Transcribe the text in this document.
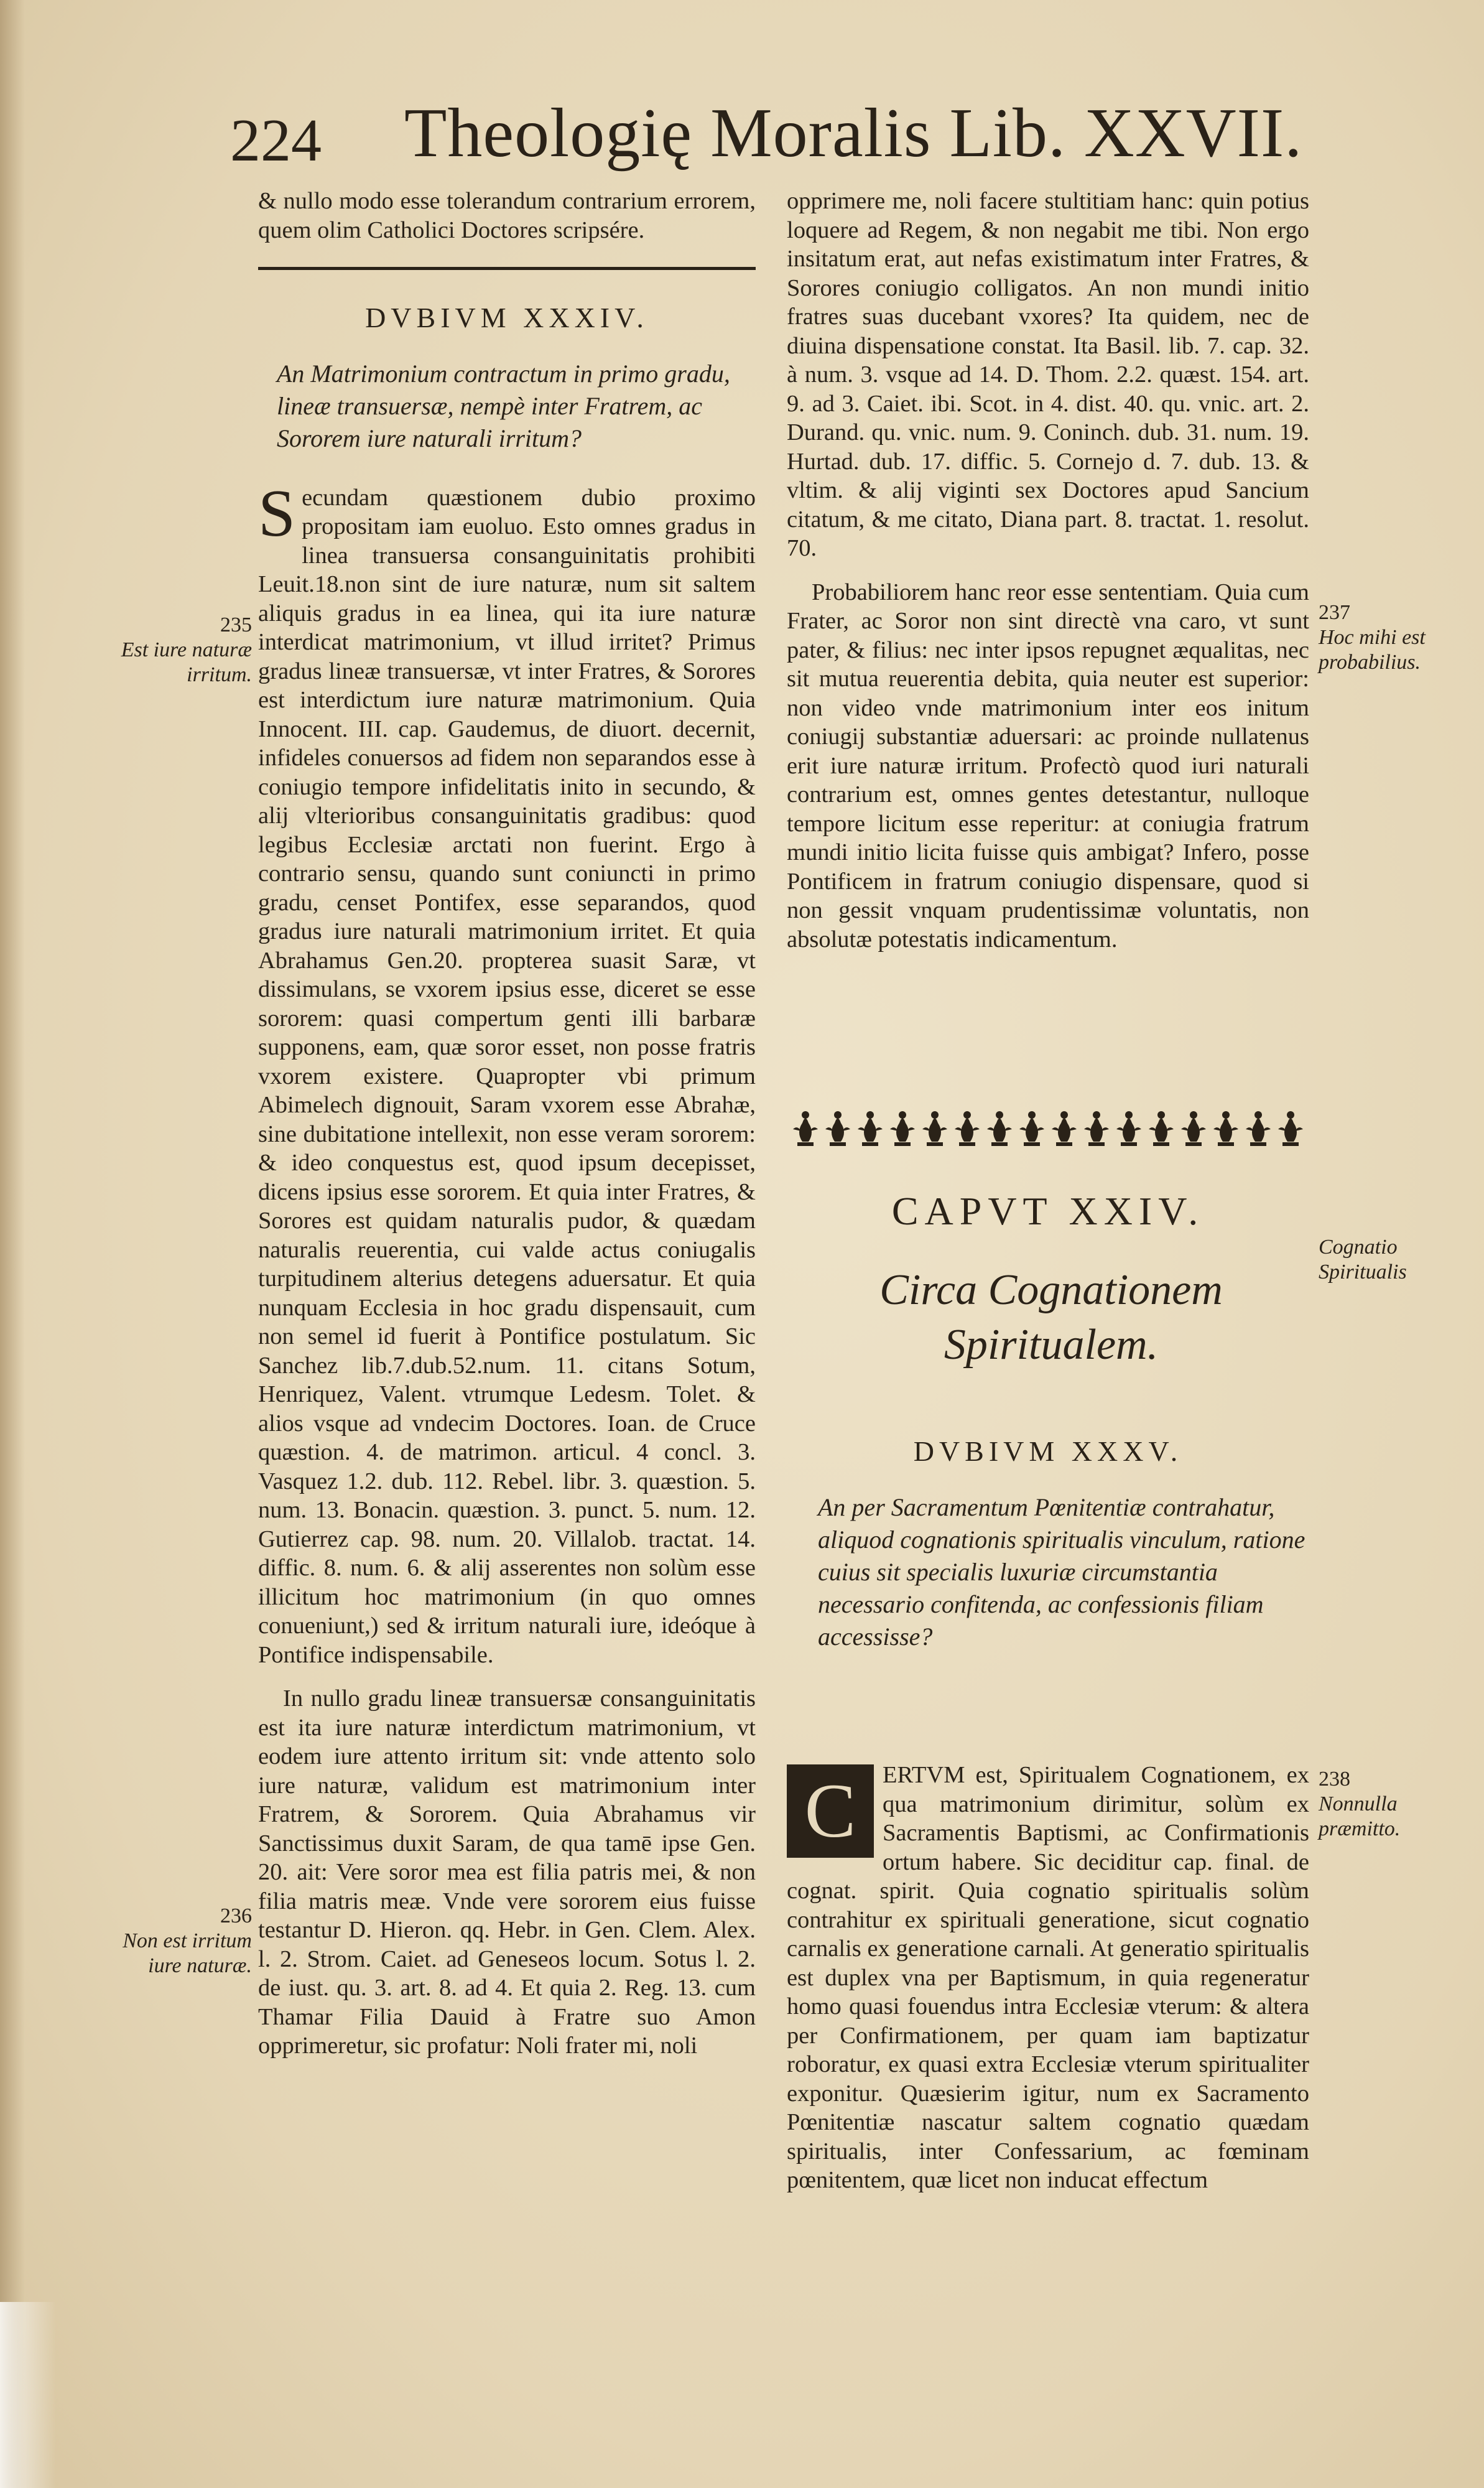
224 Theologię Moralis Lib. XXVII.

& nullo modo esse tolerandum contrarium errorem, quem olim Catholici Doctores scripsére.

DVBIVM XXXIV.

An Matrimonium contractum in primo gradu, lineæ transuersæ, nempè inter Fratrem, ac Sororem iure naturali irritum?

Secundam quæstionem dubio proximo propositam iam euoluo. Esto omnes gradus in linea transuersa consanguinitatis prohibiti Leuit.18.non sint de iure naturæ, num sit saltem aliquis gradus in ea linea, qui ita iure naturæ interdicat matrimonium, vt illud irritet? Primus gradus lineæ transuersæ, vt inter Fratres, & Sorores est interdictum iure naturæ matrimonium. Quia Innocent. III. cap. Gaudemus, de diuort. decernit, infideles conuersos ad fidem non separandos esse à coniugio tempore infidelitatis inito in secundo, & alij vlterioribus consanguinitatis gradibus: quod legibus Ecclesiæ arctati non fuerint. Ergo à contrario sensu, quando sunt coniuncti in primo gradu, censet Pontifex, esse separandos, quod gradus iure naturali matrimonium irritet. Et quia Abrahamus Gen.20. propterea suasit Saræ, vt dissimulans, se vxorem ipsius esse, diceret se esse sororem: quasi compertum genti illi barbaræ supponens, eam, quæ soror esset, non posse fratris vxorem existere. Quapropter vbi primum Abimelech dignouit, Saram vxorem esse Abrahæ, sine dubitatione intellexit, non esse veram sororem: & ideo conquestus est, quod ipsum decepisset, dicens ipsius esse sororem. Et quia inter Fratres, & Sorores est quidam naturalis pudor, & quædam naturalis reuerentia, cui valde actus coniugalis turpitudinem alterius detegens aduersatur. Et quia nunquam Ecclesia in hoc gradu dispensauit, cum non semel id fuerit à Pontifice postulatum. Sic Sanchez lib.7.dub.52.num. 11. citans Sotum, Henriquez, Valent. vtrumque Ledesm. Tolet. & alios vsque ad vndecim Doctores. Ioan. de Cruce quæstion. 4. de matrimon. articul. 4 concl. 3. Vasquez 1.2. dub. 112. Rebel. libr. 3. quæstion. 5. num. 13. Bonacin. quæstion. 3. punct. 5. num. 12. Gutierrez cap. 98. num. 20. Villalob. tractat. 14. diffic. 8. num. 6. & alij asserentes non solùm esse illicitum hoc matrimonium (in quo omnes conueniunt,) sed & irritum naturali iure, ideóque à Pontifice indispensabile.

In nullo gradu lineæ transuersæ consanguinitatis est ita iure naturæ interdictum matrimonium, vt eodem iure attento irritum sit: vnde attento solo iure naturæ, validum est matrimonium inter Fratrem, & Sororem. Quia Abrahamus vir Sanctissimus duxit Saram, de qua tamē ipse Gen. 20. ait: Vere soror mea est filia patris mei, & non filia matris meæ. Vnde vere sororem eius fuisse testantur D. Hieron. qq. Hebr. in Gen. Clem. Alex. l. 2. Strom. Caiet. ad Geneseos locum. Sotus l. 2. de iust. qu. 3. art. 8. ad 4. Et quia 2. Reg. 13. cum Thamar Filia Dauid à Fratre suo Amon opprimeretur, sic profatur: Noli frater mi, noli

opprimere me, noli facere stultitiam hanc: quin potius loquere ad Regem, & non negabit me tibi. Non ergo insitatum erat, aut nefas existimatum inter Fratres, & Sorores coniugio colligatos. An non mundi initio fratres suas ducebant vxores? Ita quidem, nec de diuina dispensatione constat. Ita Basil. lib. 7. cap. 32. à num. 3. vsque ad 14. D. Thom. 2.2. quæst. 154. art. 9. ad 3. Caiet. ibi. Scot. in 4. dist. 40. qu. vnic. art. 2. Durand. qu. vnic. num. 9. Coninch. dub. 31. num. 19. Hurtad. dub. 17. diffic. 5. Cornejo d. 7. dub. 13. & vltim. & alij viginti sex Doctores apud Sancium citatum, & me citato, Diana part. 8. tractat. 1. resolut. 70.

Probabiliorem hanc reor esse sententiam. Quia cum Frater, ac Soror non sint directè vna caro, vt sunt pater, & filius: nec inter ipsos repugnet æqualitas, nec sit mutua reuerentia debita, quia neuter est superior: non video vnde matrimonium inter eos initum coniugij substantiæ aduersari: ac proinde nullatenus erit iure naturæ irritum. Profectò quod iuri naturali contrarium est, omnes gentes detestantur, nulloque tempore licitum esse reperitur: at coniugia fratrum mundi initio licita fuisse quis ambigat? Infero, posse Pontificem in fratrum coniugio dispensare, quod si non gessit vnquam prudentissimæ voluntatis, non absolutæ potestatis indicamentum.

CAPVT XXIV.
Circa Cognationem Spiritualem.
DVBIVM XXXV.

An per Sacramentum Pœnitentiæ contrahatur, aliquod cognationis spiritualis vinculum, ratione cuius sit specialis luxuriæ circumstantia necessario confitenda, ac confessionis filiam accessisse?

C	ERTVM est, Spiritualem Cognationem, ex qua matrimonium dirimitur, solùm ex Sacramentis Baptismi, ac Confirmationis ortum habere. Sic deciditur cap. final. de cognat. spirit. Quia cognatio spiritualis solùm contrahitur ex spirituali generatione, sicut cognatio carnalis ex generatione carnali. At generatio spiritualis est duplex vna per Baptismum, in quia regeneratur homo quasi fouendus intra Ecclesiæ vterum: & altera per Confirmationem, per quam iam baptizatur roboratur, ex quasi extra Ecclesiæ vterum spiritualiter exponitur. Quæsierim igitur, num ex Sacramento Pœnitentiæ nascatur saltem cognatio quædam spiritualis, inter Confessarium, ac fœminam pœnitentem, quæ licet non inducat effectum

235
Est iure naturæ irritum.
236
Non est irritum iure naturæ.
237
Hoc mihi est probabilius.
Cognatio Spiritualis
238
Nonnulla præmitto.
